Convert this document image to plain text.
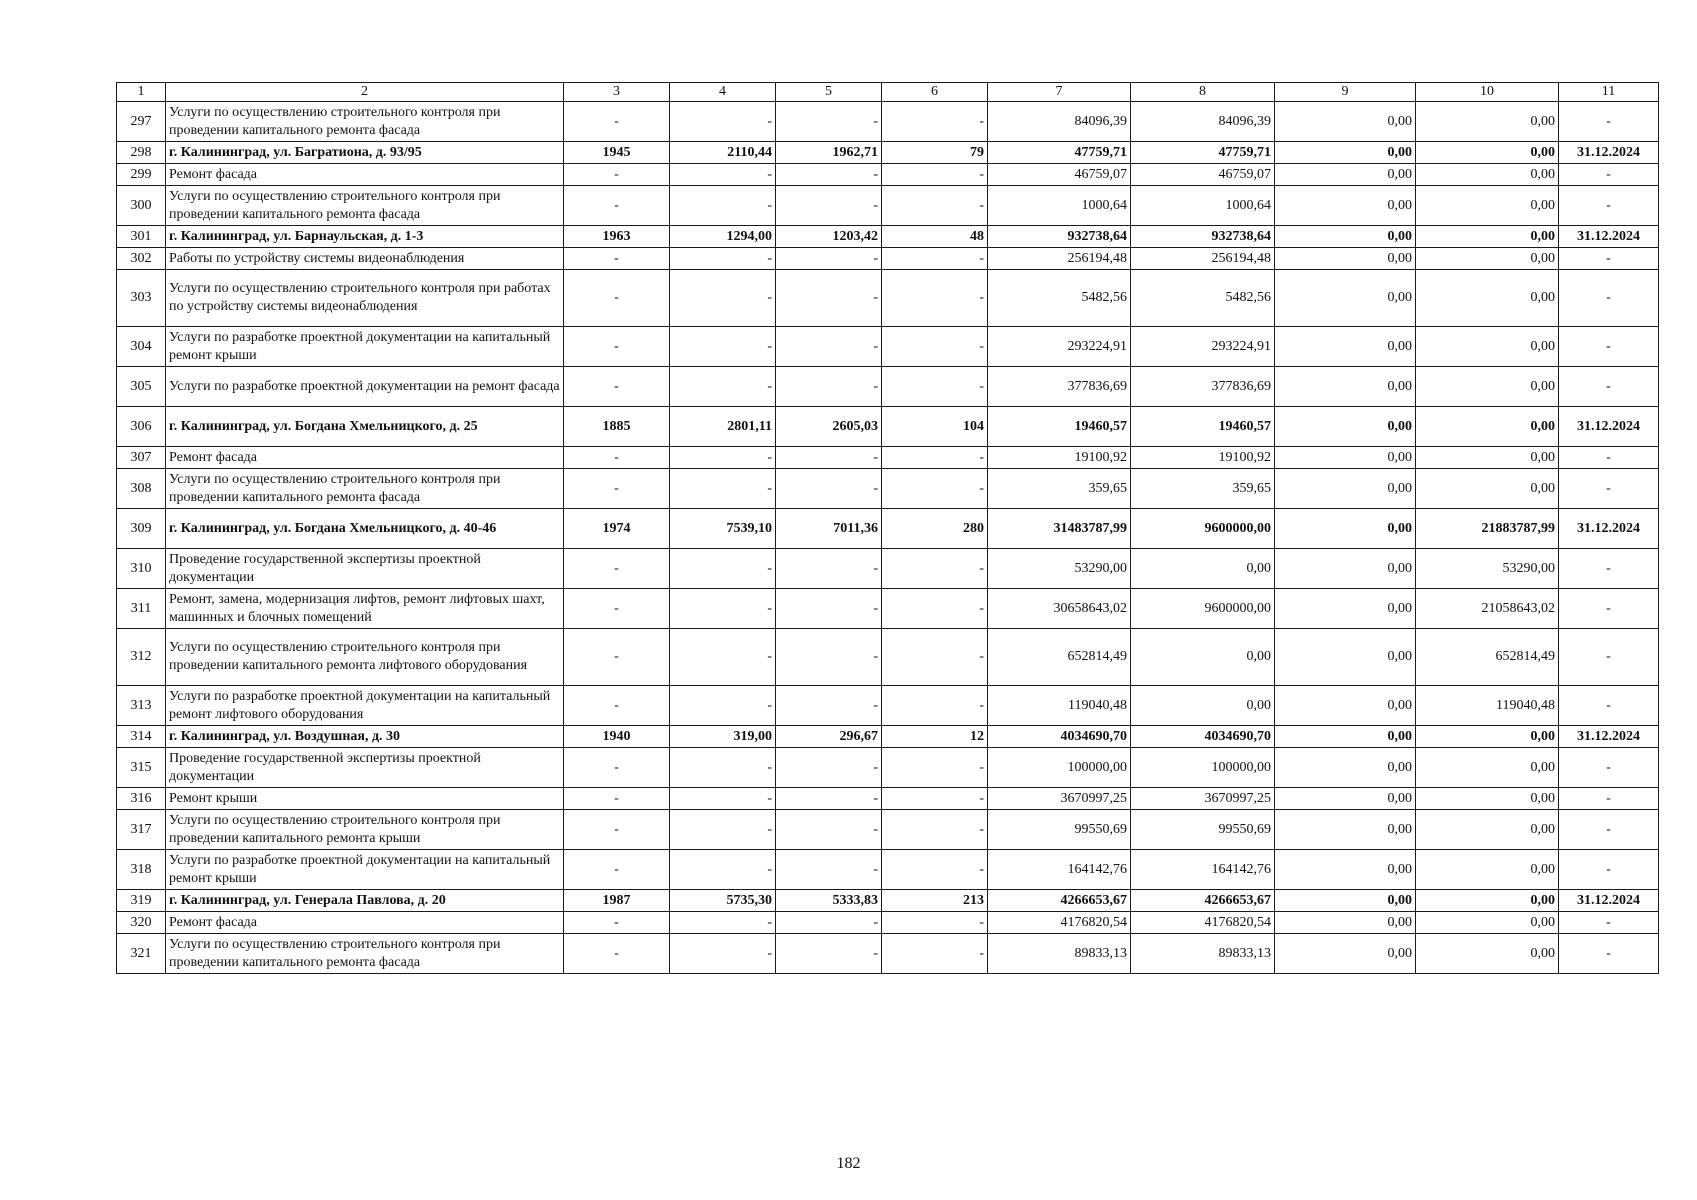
1	2	3	4	5	6	7	8	9	10	11
297	Услуги по осуществлению строительного контроля при проведении капитального ремонта фасада	-	-	-	-	84096,39	84096,39	0,00	0,00	-
298	г. Калининград, ул. Багратиона, д. 93/95	1945	2110,44	1962,71	79	47759,71	47759,71	0,00	0,00	31.12.2024
299	Ремонт фасада	-	-	-	-	46759,07	46759,07	0,00	0,00	-
300	Услуги по осуществлению строительного контроля при проведении капитального ремонта фасада	-	-	-	-	1000,64	1000,64	0,00	0,00	-
301	г. Калининград, ул. Барнаульская, д. 1-3	1963	1294,00	1203,42	48	932738,64	932738,64	0,00	0,00	31.12.2024
302	Работы по устройству системы видеонаблюдения	-	-	-	-	256194,48	256194,48	0,00	0,00	-
303	Услуги по осуществлению строительного контроля при работах по устройству системы видеонаблюдения	-	-	-	-	5482,56	5482,56	0,00	0,00	-
304	Услуги по разработке проектной документации на капитальный ремонт крыши	-	-	-	-	293224,91	293224,91	0,00	0,00	-
305	Услуги по разработке проектной документации на ремонт фасада	-	-	-	-	377836,69	377836,69	0,00	0,00	-
306	г. Калининград, ул. Богдана Хмельницкого, д. 25	1885	2801,11	2605,03	104	19460,57	19460,57	0,00	0,00	31.12.2024
307	Ремонт фасада	-	-	-	-	19100,92	19100,92	0,00	0,00	-
308	Услуги по осуществлению строительного контроля при проведении капитального ремонта фасада	-	-	-	-	359,65	359,65	0,00	0,00	-
309	г. Калининград, ул. Богдана Хмельницкого, д. 40-46	1974	7539,10	7011,36	280	31483787,99	9600000,00	0,00	21883787,99	31.12.2024
310	Проведение государственной экспертизы проектной документации	-	-	-	-	53290,00	0,00	0,00	53290,00	-
311	Ремонт, замена, модернизация лифтов, ремонт лифтовых шахт, машинных и блочных помещений	-	-	-	-	30658643,02	9600000,00	0,00	21058643,02	-
312	Услуги по осуществлению строительного контроля при проведении капитального ремонта лифтового оборудования	-	-	-	-	652814,49	0,00	0,00	652814,49	-
313	Услуги по разработке проектной документации на капитальный ремонт лифтового оборудования	-	-	-	-	119040,48	0,00	0,00	119040,48	-
314	г. Калининград, ул. Воздушная, д. 30	1940	319,00	296,67	12	4034690,70	4034690,70	0,00	0,00	31.12.2024
315	Проведение государственной экспертизы проектной документации	-	-	-	-	100000,00	100000,00	0,00	0,00	-
316	Ремонт крыши	-	-	-	-	3670997,25	3670997,25	0,00	0,00	-
317	Услуги по осуществлению строительного контроля при проведении капитального ремонта крыши	-	-	-	-	99550,69	99550,69	0,00	0,00	-
318	Услуги по разработке проектной документации на капитальный ремонт крыши	-	-	-	-	164142,76	164142,76	0,00	0,00	-
319	г. Калининград, ул. Генерала Павлова, д. 20	1987	5735,30	5333,83	213	4266653,67	4266653,67	0,00	0,00	31.12.2024
320	Ремонт фасада	-	-	-	-	4176820,54	4176820,54	0,00	0,00	-
321	Услуги по осуществлению строительного контроля при проведении капитального ремонта фасада	-	-	-	-	89833,13	89833,13	0,00	0,00	-
182
